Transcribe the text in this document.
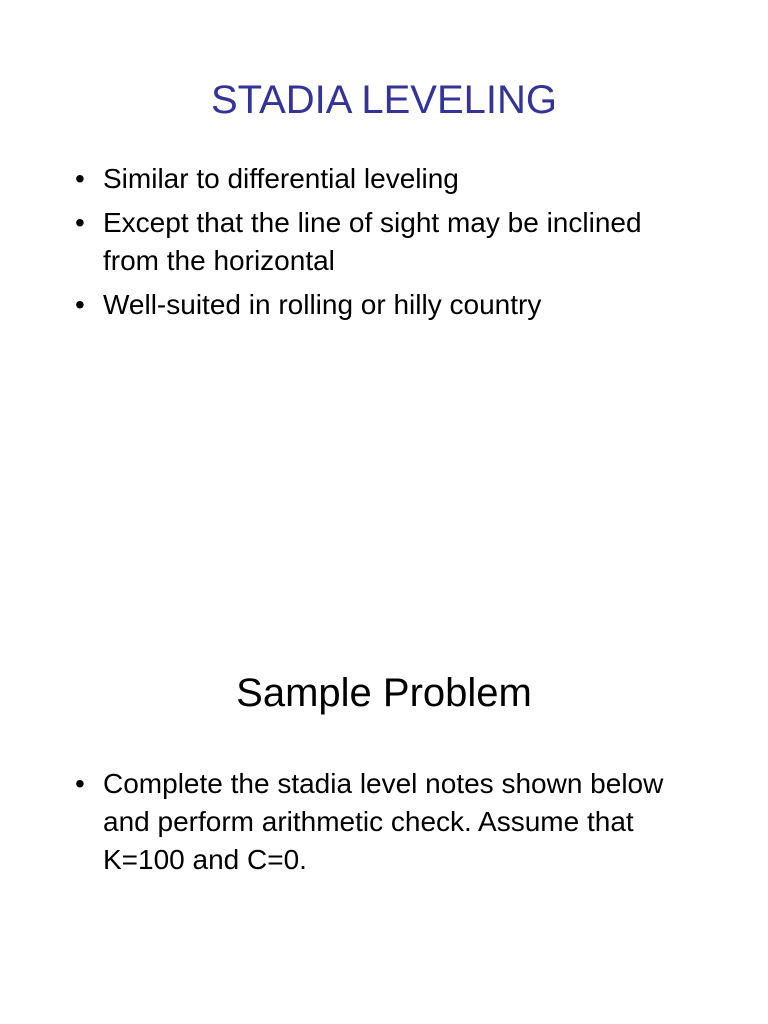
STADIA LEVELING
• Similar to differential leveling
• Except that the line of sight may be inclined from the horizontal
• Well-suited in rolling or hilly country
Sample Problem
• Complete the stadia level notes shown below and perform arithmetic check. Assume that K=100 and C=0.
